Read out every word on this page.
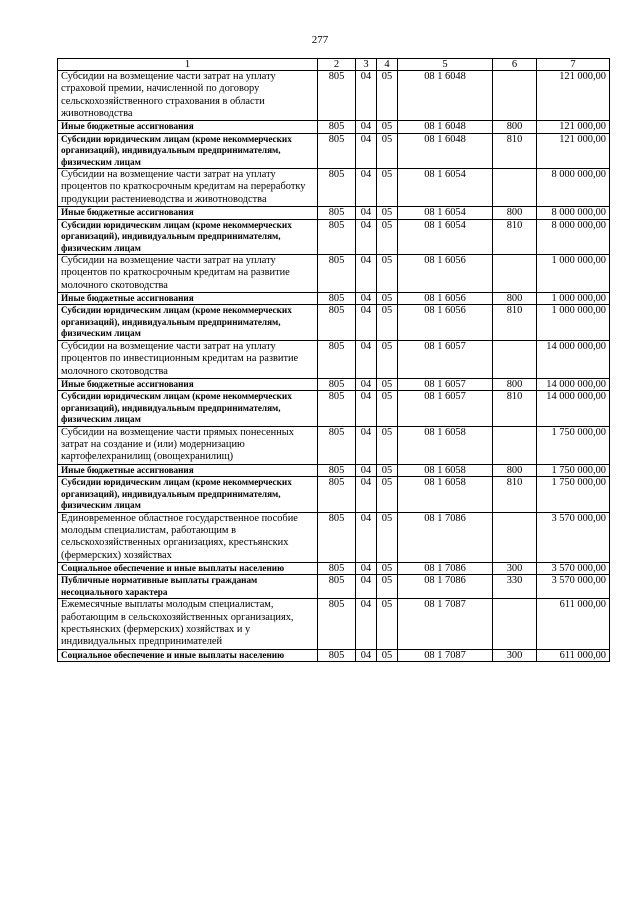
277
1	2	3	4	5	6	7
Субсидии на возмещение части затрат на уплату страховой премии, начисленной по договору сельскохозяйственного страхования в области животноводства	805	04	05	08 1 6048		121 000,00
Иные бюджетные ассигнования	805	04	05	08 1 6048	800	121 000,00
Субсидии юридическим лицам (кроме некоммерческих организаций), индивидуальным предпринимателям, физическим лицам	805	04	05	08 1 6048	810	121 000,00
Субсидии на возмещение части затрат на уплату процентов по краткосрочным кредитам на переработку продукции растениеводства и животноводства	805	04	05	08 1 6054		8 000 000,00
Иные бюджетные ассигнования	805	04	05	08 1 6054	800	8 000 000,00
Субсидии юридическим лицам (кроме некоммерческих организаций), индивидуальным предпринимателям, физическим лицам	805	04	05	08 1 6054	810	8 000 000,00
Субсидии на возмещение части затрат на уплату процентов по краткосрочным кредитам на развитие молочного скотоводства	805	04	05	08 1 6056		1 000 000,00
Иные бюджетные ассигнования	805	04	05	08 1 6056	800	1 000 000,00
Субсидии юридическим лицам (кроме некоммерческих организаций), индивидуальным предпринимателям, физическим лицам	805	04	05	08 1 6056	810	1 000 000,00
Субсидии на возмещение части затрат на уплату процентов по инвестиционным кредитам на развитие молочного скотоводства	805	04	05	08 1 6057		14 000 000,00
Иные бюджетные ассигнования	805	04	05	08 1 6057	800	14 000 000,00
Субсидии юридическим лицам (кроме некоммерческих организаций), индивидуальным предпринимателям, физическим лицам	805	04	05	08 1 6057	810	14 000 000,00
Субсидии на возмещение части прямых понесенных затрат на создание и (или) модернизацию картофелехранилищ (овощехранилищ)	805	04	05	08 1 6058		1 750 000,00
Иные бюджетные ассигнования	805	04	05	08 1 6058	800	1 750 000,00
Субсидии юридическим лицам (кроме некоммерческих организаций), индивидуальным предпринимателям, физическим лицам	805	04	05	08 1 6058	810	1 750 000,00
Единовременное областное государственное пособие молодым специалистам, работающим в сельскохозяйственных организациях, крестьянских (фермерских) хозяйствах	805	04	05	08 1 7086		3 570 000,00
Социальное обеспечение и иные выплаты населению	805	04	05	08 1 7086	300	3 570 000,00
Публичные нормативные выплаты гражданам несоциального характера	805	04	05	08 1 7086	330	3 570 000,00
Ежемесячные выплаты молодым специалистам, работающим в сельскохозяйственных организациях, крестьянских (фермерских) хозяйствах и у индивидуальных предпринимателей	805	04	05	08 1 7087		611 000,00
Социальное обеспечение и иные выплаты населению	805	04	05	08 1 7087	300	611 000,00
